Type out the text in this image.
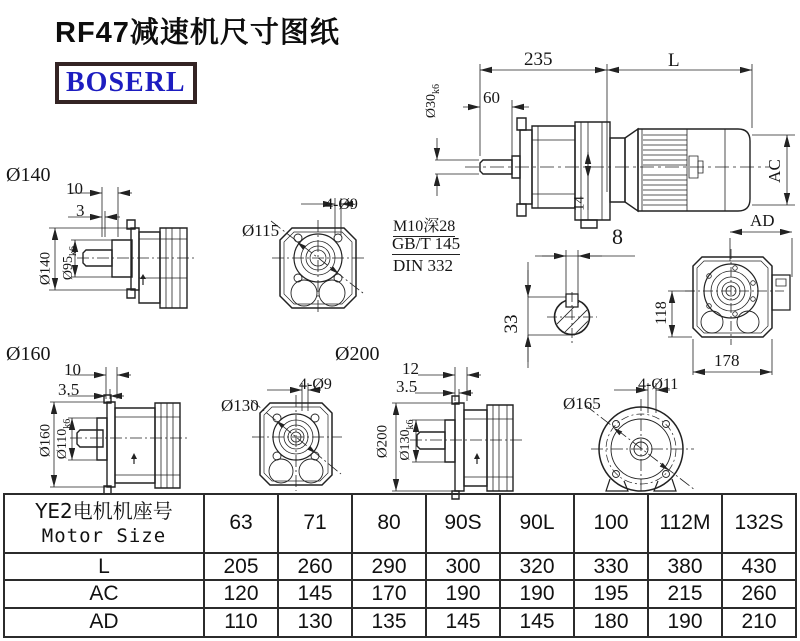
RF47减速机尺寸图纸
BOSERL
Ø140
Ø160	Ø200
10
3
Ø140 $Ø95_{k6}$
4-Ø9
Ø115
235	L
60
$Ø30_{k6}$
AC
AD
14
M10深28
GB/T 145
DIN 332
8
33	118
178
10
3.5
Ø160 $Ø110_{k6}$
4-Ø9
Ø130
12
3.5
Ø200 $Ø130_{k6}$
4-Ø11
Ø165
YE2电机机座号
Motor Size	63	71	80	90S	90L	100	112M	132S
L	205	260	290	300	320	330	380	430
AC	120	145	170	190	190	195	215	260
AD	110	130	135	145	145	180	190	210
